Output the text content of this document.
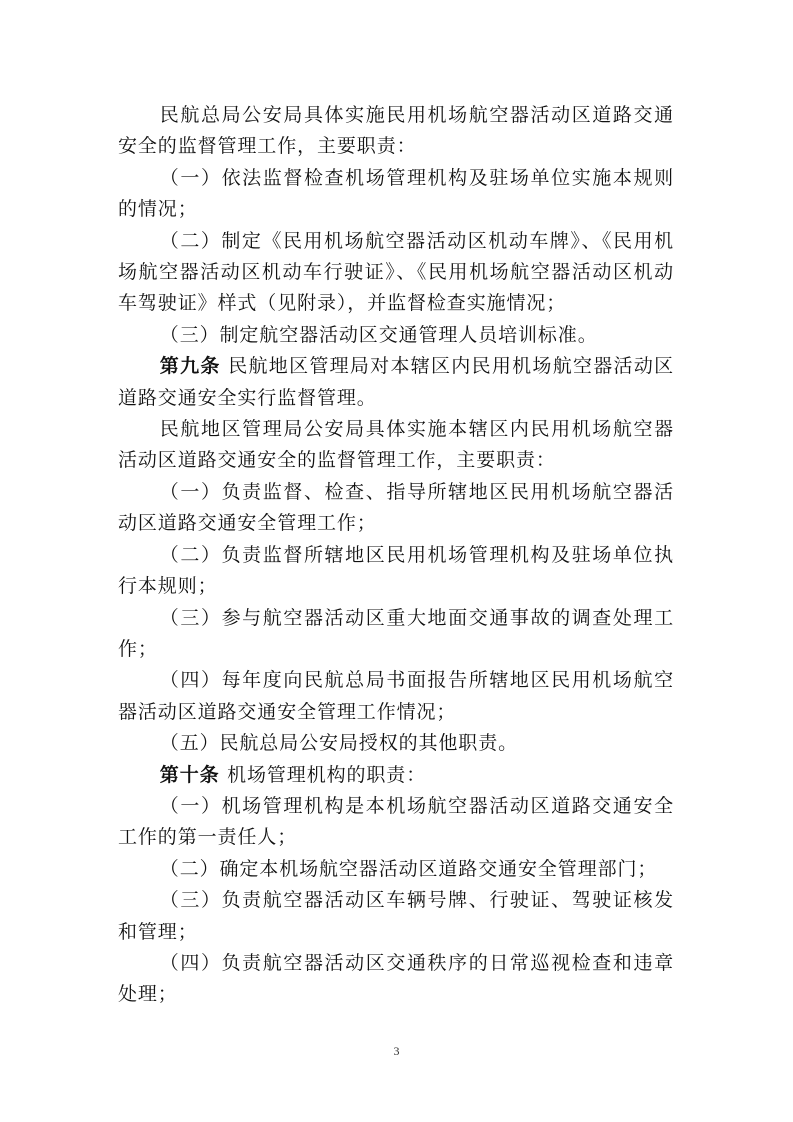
民航总局公安局具体实施民用机场航空器活动区道路交通安全的监督管理工作，主要职责：

（一）依法监督检查机场管理机构及驻场单位实施本规则的情况；

（二）制定《民用机场航空器活动区机动车牌》、《民用机场航空器活动区机动车行驶证》、《民用机场航空器活动区机动车驾驶证》样式（见附录），并监督检查实施情况；

（三）制定航空器活动区交通管理人员培训标准。

第九条 民航地区管理局对本辖区内民用机场航空器活动区道路交通安全实行监督管理。

民航地区管理局公安局具体实施本辖区内民用机场航空器活动区道路交通安全的监督管理工作，主要职责：

（一）负责监督、检查、指导所辖地区民用机场航空器活动区道路交通安全管理工作；

（二）负责监督所辖地区民用机场管理机构及驻场单位执行本规则；

（三）参与航空器活动区重大地面交通事故的调查处理工作；

（四）每年度向民航总局书面报告所辖地区民用机场航空器活动区道路交通安全管理工作情况；

（五）民航总局公安局授权的其他职责。

第十条 机场管理机构的职责：

（一）机场管理机构是本机场航空器活动区道路交通安全工作的第一责任人；

（二）确定本机场航空器活动区道路交通安全管理部门；

（三）负责航空器活动区车辆号牌、行驶证、驾驶证核发和管理；

（四）负责航空器活动区交通秩序的日常巡视检查和违章处理；

3
